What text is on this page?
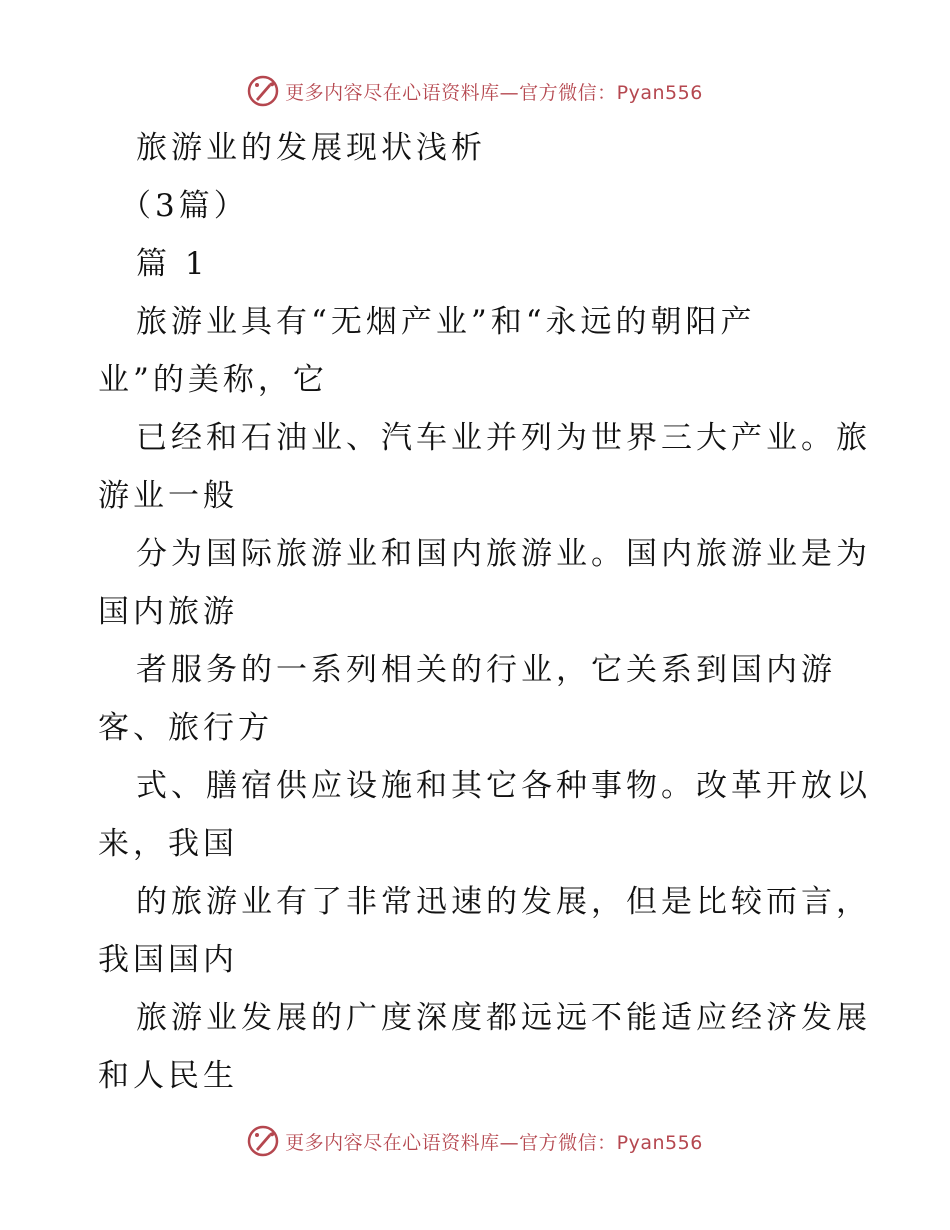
更多内容尽在心语资料库—官方微信：Pyan556
旅游业的发展现状浅析
（3篇）
篇 1
旅游业具有“无烟产业”和“永远的朝阳产
业”的美称，它
已经和石油业、汽车业并列为世界三大产业。旅
游业一般
分为国际旅游业和国内旅游业。国内旅游业是为
国内旅游
者服务的一系列相关的行业，它关系到国内游
客、旅行方
式、膳宿供应设施和其它各种事物。改革开放以
来，我国
的旅游业有了非常迅速的发展，但是比较而言，
我国国内
旅游业发展的广度深度都远远不能适应经济发展
和人民生
更多内容尽在心语资料库—官方微信：Pyan556
